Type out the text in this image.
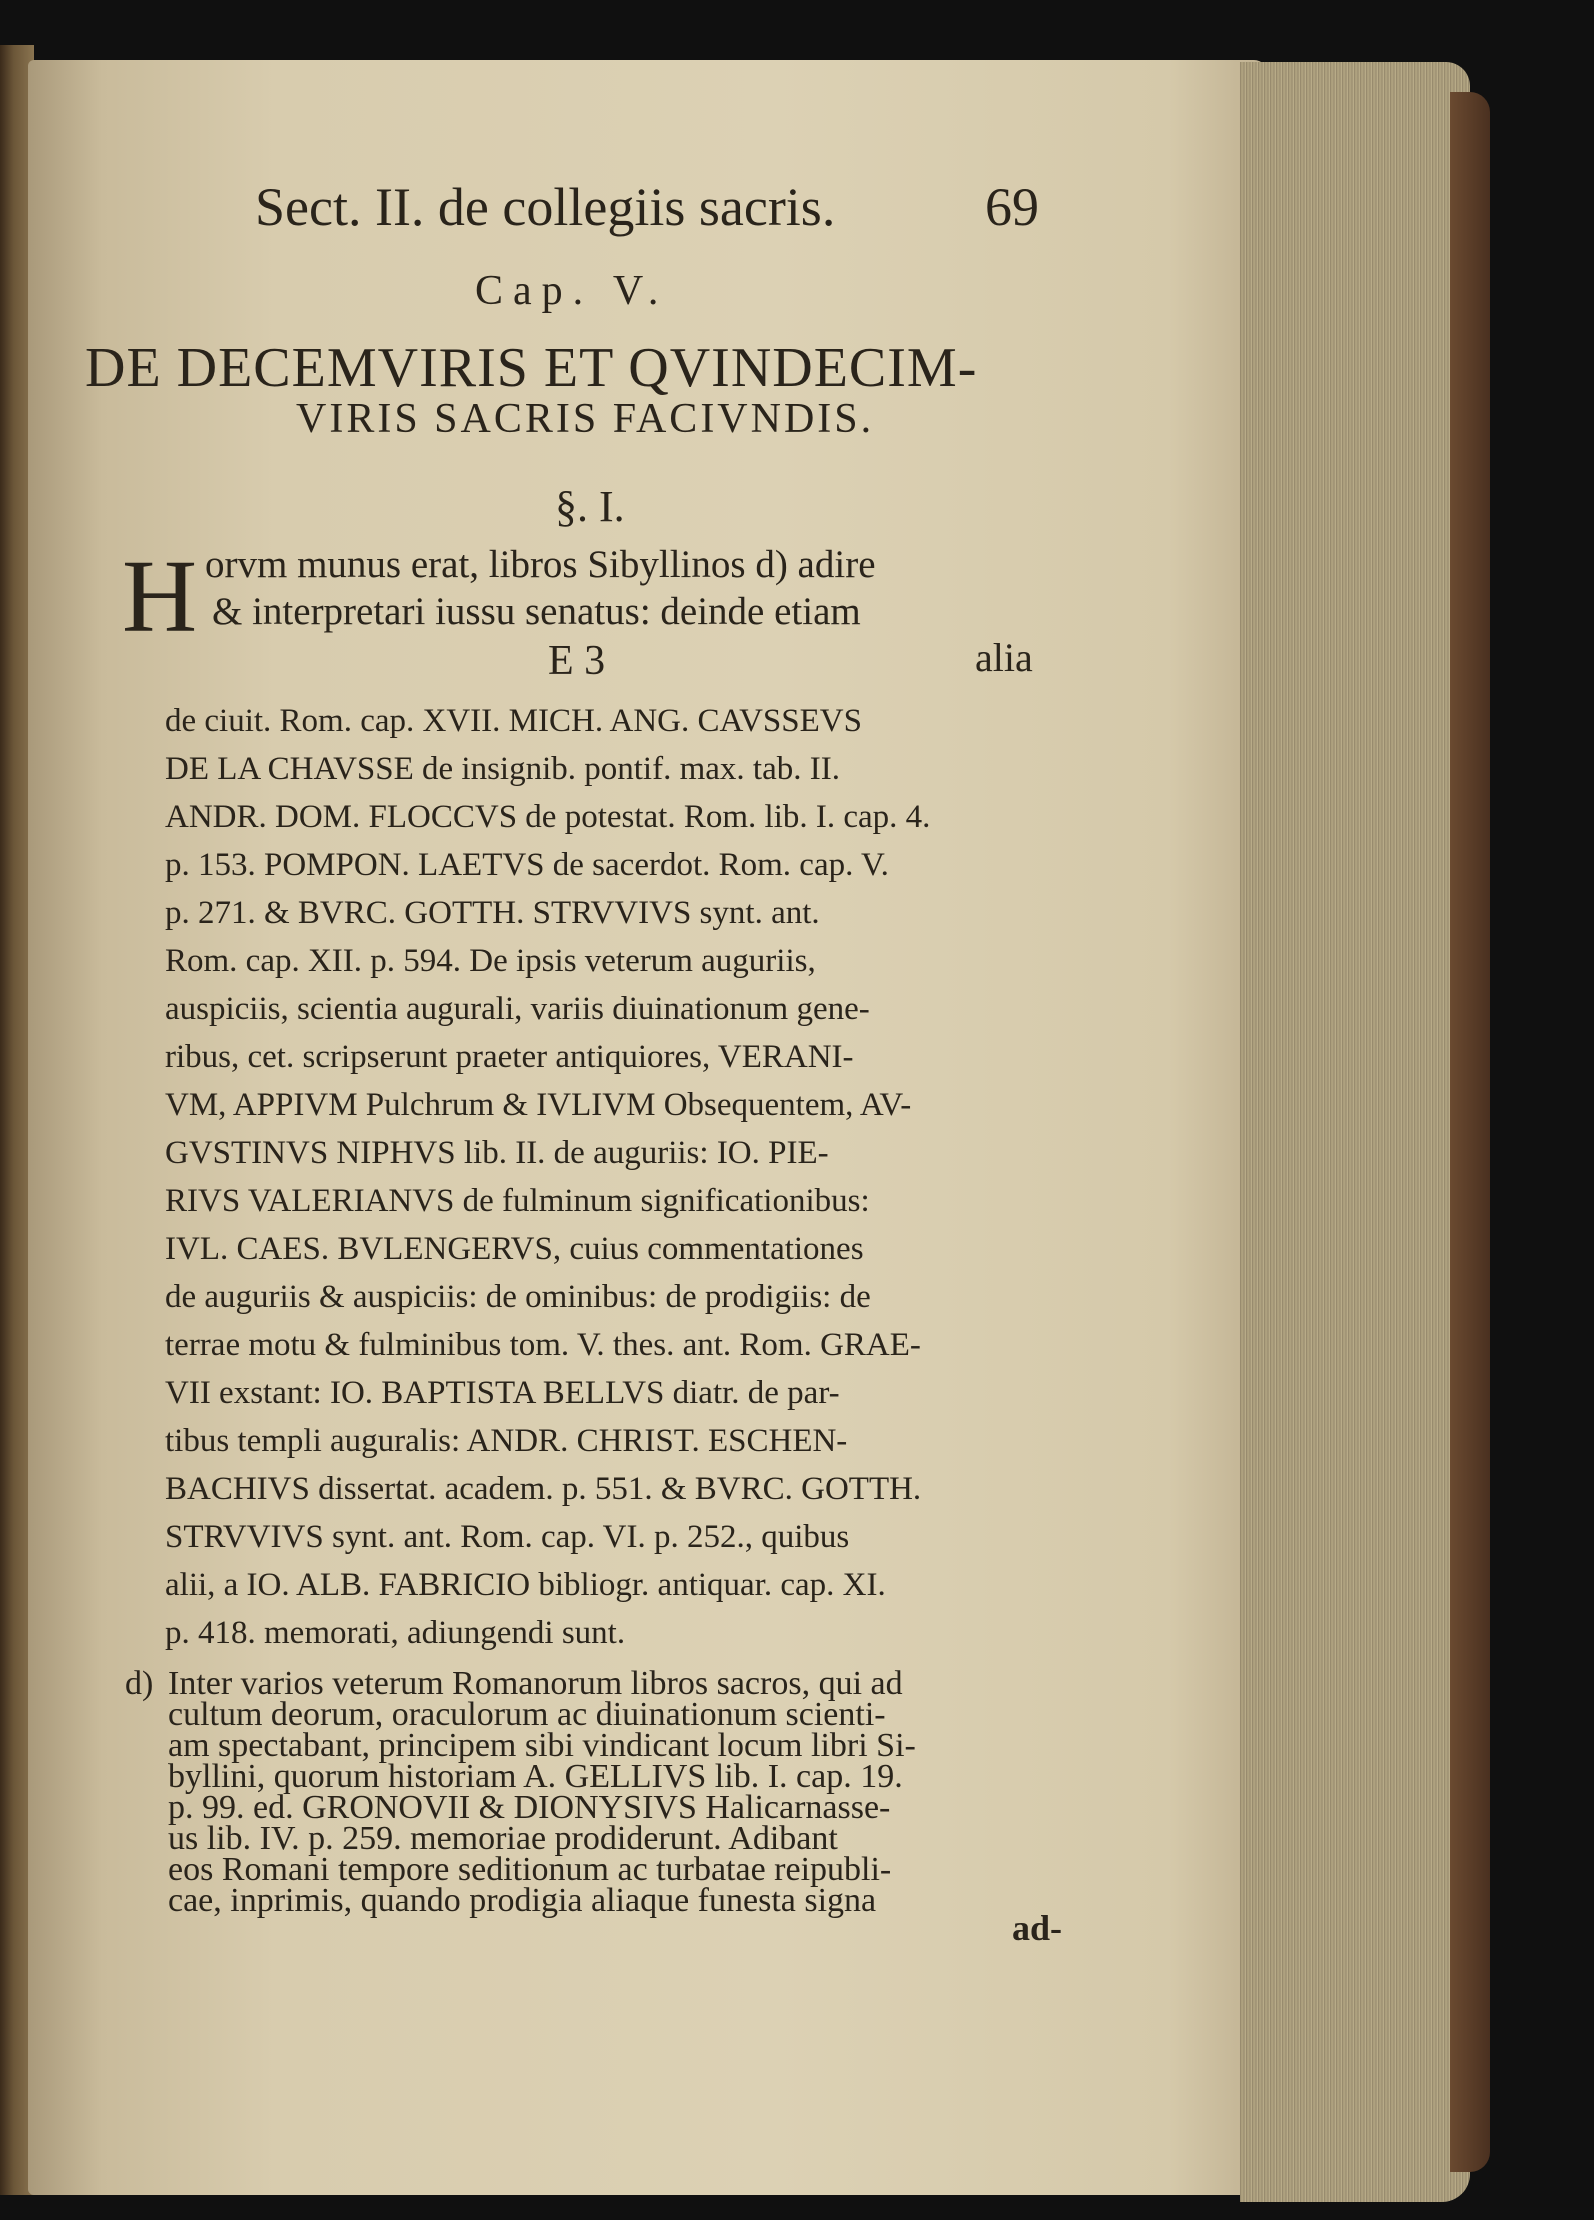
Sect. II. de collegiis sacris.	69
Cap. V.
DE DECEMVIRIS ET QVINDECIM-
VIRIS SACRIS FACIVNDIS.
§. I.
H orvm munus erat, libros Sibyllinos d) adire
& interpretari iussu senatus: deinde etiam
E 3	alia
de ciuit. Rom. cap. XVII. MICH. ANG. CAVSSEVS
DE LA CHAVSSE de insignib. pontif. max. tab. II.
ANDR. DOM. FLOCCVS de potestat. Rom. lib. I. cap. 4.
p. 153. POMPON. LAETVS de sacerdot. Rom. cap. V.
p. 271. & BVRC. GOTTH. STRVVIVS synt. ant.
Rom. cap. XII. p. 594. De ipsis veterum auguriis,
auspiciis, scientia augurali, variis diuinationum gene-
ribus, cet. scripserunt praeter antiquiores, VERANI-
VM, APPIVM Pulchrum & IVLIVM Obsequentem, AV-
GVSTINVS NIPHVS lib. II. de auguriis: IO. PIE-
RIVS VALERIANVS de fulminum significationibus:
IVL. CAES. BVLENGERVS, cuius commentationes
de auguriis & auspiciis: de ominibus: de prodigiis: de
terrae motu & fulminibus tom. V. thes. ant. Rom. GRAE-
VII exstant: IO. BAPTISTA BELLVS diatr. de par-
tibus templi auguralis: ANDR. CHRIST. ESCHEN-
BACHIVS dissertat. academ. p. 551. & BVRC. GOTTH.
STRVVIVS synt. ant. Rom. cap. VI. p. 252., quibus
alii, a IO. ALB. FABRICIO bibliogr. antiquar. cap. XI.
p. 418. memorati, adiungendi sunt.
d) Inter varios veterum Romanorum libros sacros, qui ad
cultum deorum, oraculorum ac diuinationum scienti-
am spectabant, principem sibi vindicant locum libri Si-
byllini, quorum historiam A. GELLIVS lib. I. cap. 19.
p. 99. ed. GRONOVII & DIONYSIVS Halicarnasse-
us lib. IV. p. 259. memoriae prodiderunt. Adibant
eos Romani tempore seditionum ac turbatae reipubli-
cae, inprimis, quando prodigia aliaque funesta signa
ad-
